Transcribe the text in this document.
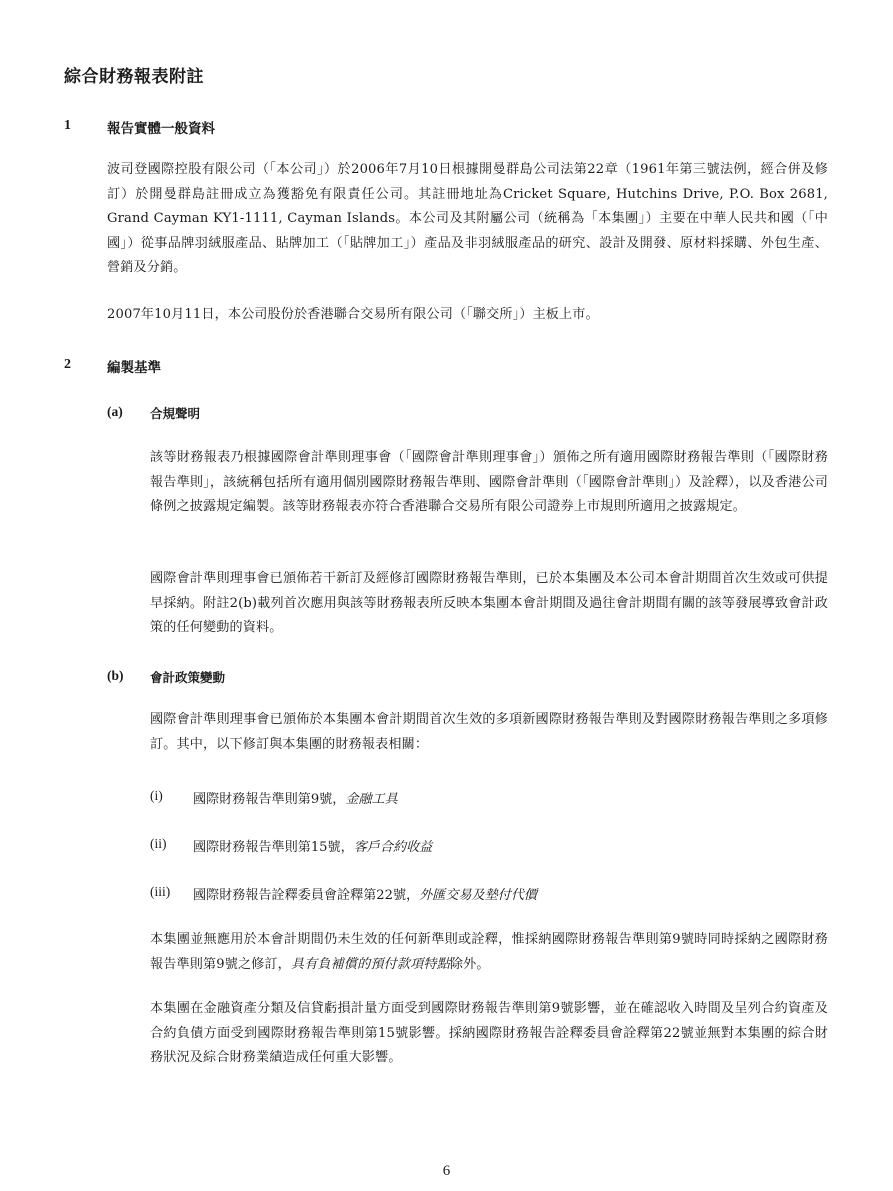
綜合財務報表附註
1	報告實體一般資料

波司登國際控股有限公司（「本公司」）於2006年7月10日根據開曼群島公司法第22章（1961年第三號法例，經合併及修訂）於開曼群島註冊成立為獲豁免有限責任公司。其註冊地址為Cricket Square, Hutchins Drive, P.O. Box 2681, Grand Cayman KY1-1111, Cayman Islands。本公司及其附屬公司（統稱為「本集團」）主要在中華人民共和國（「中國」）從事品牌羽絨服產品、貼牌加工（「貼牌加工」）產品及非羽絨服產品的研究、設計及開發、原材料採購、外包生產、營銷及分銷。

2007年10月11日，本公司股份於香港聯合交易所有限公司（「聯交所」）主板上市。

2	編製基準
(a) 合規聲明

該等財務報表乃根據國際會計準則理事會（「國際會計準則理事會」）頒佈之所有適用國際財務報告準則（「國際財務報告準則」，該統稱包括所有適用個別國際財務報告準則、國際會計準則（「國際會計準則」）及詮釋），以及香港公司條例之披露規定編製。該等財務報表亦符合香港聯合交易所有限公司證券上市規則所適用之披露規定。

國際會計準則理事會已頒佈若干新訂及經修訂國際財務報告準則，已於本集團及本公司本會計期間首次生效或可供提早採納。附註2(b)載列首次應用與該等財務報表所反映本集團本會計期間及過往會計期間有關的該等發展導致會計政策的任何變動的資料。

(b) 會計政策變動

國際會計準則理事會已頒佈於本集團本會計期間首次生效的多項新國際財務報告準則及對國際財務報告準則之多項修訂。其中，以下修訂與本集團的財務報表相關：

(i) 國際財務報告準則第9號，金融工具
(ii) 國際財務報告準則第15號，客戶合約收益
(iii) 國際財務報告詮釋委員會詮釋第22號，外匯交易及墊付代價

本集團並無應用於本會計期間仍未生效的任何新準則或詮釋，惟採納國際財務報告準則第9號時同時採納之國際財務報告準則第9號之修訂，具有負補償的預付款項特點除外。

本集團在金融資產分類及信貸虧損計量方面受到國際財務報告準則第9號影響，並在確認收入時間及呈列合約資產及合約負債方面受到國際財務報告準則第15號影響。採納國際財務報告詮釋委員會詮釋第22號並無對本集團的綜合財務狀況及綜合財務業績造成任何重大影響。

6
